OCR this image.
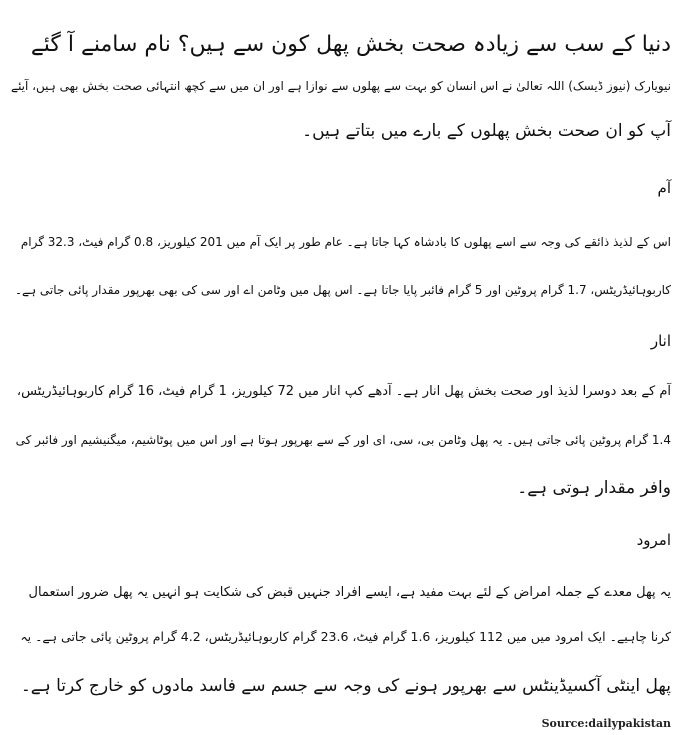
دنیا کے سب سے زیادہ صحت بخش پھل کون سے ہیں؟ نام سامنے آ گئے
نیویارک (نیوز ڈیسک) اللہ تعالیٰ نے اس انسان کو بہت سے پھلوں سے نوازا ہے اور ان میں سے کچھ انتہائی صحت بخش بھی ہیں، آیئے
آپ کو ان صحت بخش پھلوں کے بارے میں بتاتے ہیں۔
آم
اس کے لذیذ ذائقے کی وجہ سے اسے پھلوں کا بادشاہ کہا جاتا ہے۔ عام طور پر ایک آم میں 201 کیلوریز، 0.8 گرام فیٹ، 32.3 گرام
کاربوہائیڈریٹس، 1.7 گرام پروٹین اور 5 گرام فائبر پایا جاتا ہے۔ اس پھل میں وٹامن اے اور سی کی بھی بھرپور مقدار پائی جاتی ہے۔
انار
آم کے بعد دوسرا لذیذ اور صحت بخش پھل انار ہے۔ آدھے کپ انار میں 72 کیلوریز، 1 گرام فیٹ، 16 گرام کاربوہائیڈریٹس،
1.4 گرام پروٹین پائی جاتی ہیں۔ یہ پھل وٹامن بی، سی، ای اور کے سے بھرپور ہوتا ہے اور اس میں پوٹاشیم، میگنیشیم اور فائبر کی
وافر مقدار ہوتی ہے۔
امرود
یہ پھل معدے کے جملہ امراض کے لئے بہت مفید ہے، ایسے افراد جنہیں قبض کی شکایت ہو انہیں یہ پھل ضرور استعمال
کرنا چاہیے۔ ایک امرود میں میں 112 کیلوریز، 1.6 گرام فیٹ، 23.6 گرام کاربوہائیڈریٹس، 4.2 گرام پروٹین پائی جاتی ہے۔ یہ
پھل اینٹی آکسیڈینٹس سے بھرپور ہونے کی وجہ سے جسم سے فاسد مادوں کو خارج کرتا ہے۔
Source:dailypakistan
